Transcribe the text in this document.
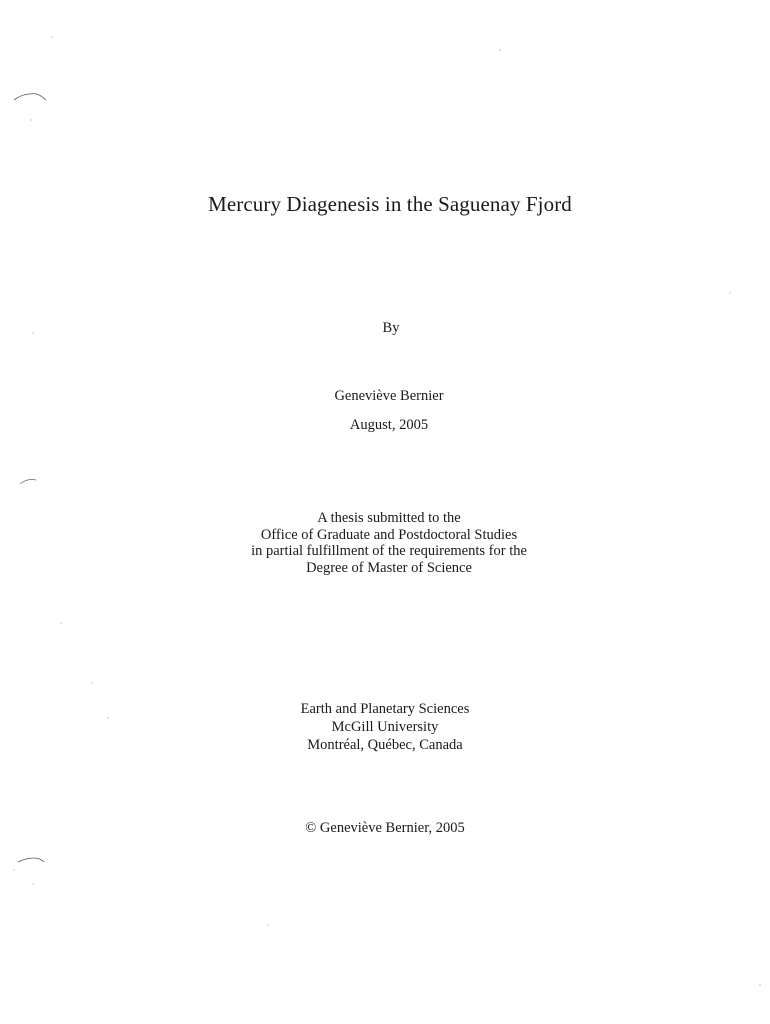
Mercury Diagenesis in the Saguenay Fjord
By
Geneviève Bernier
August, 2005
A thesis submitted to the
Office of Graduate and Postdoctoral Studies
in partial fulfillment of the requirements for the
Degree of Master of Science
Earth and Planetary Sciences
McGill University
Montréal, Québec, Canada
© Geneviève Bernier, 2005
